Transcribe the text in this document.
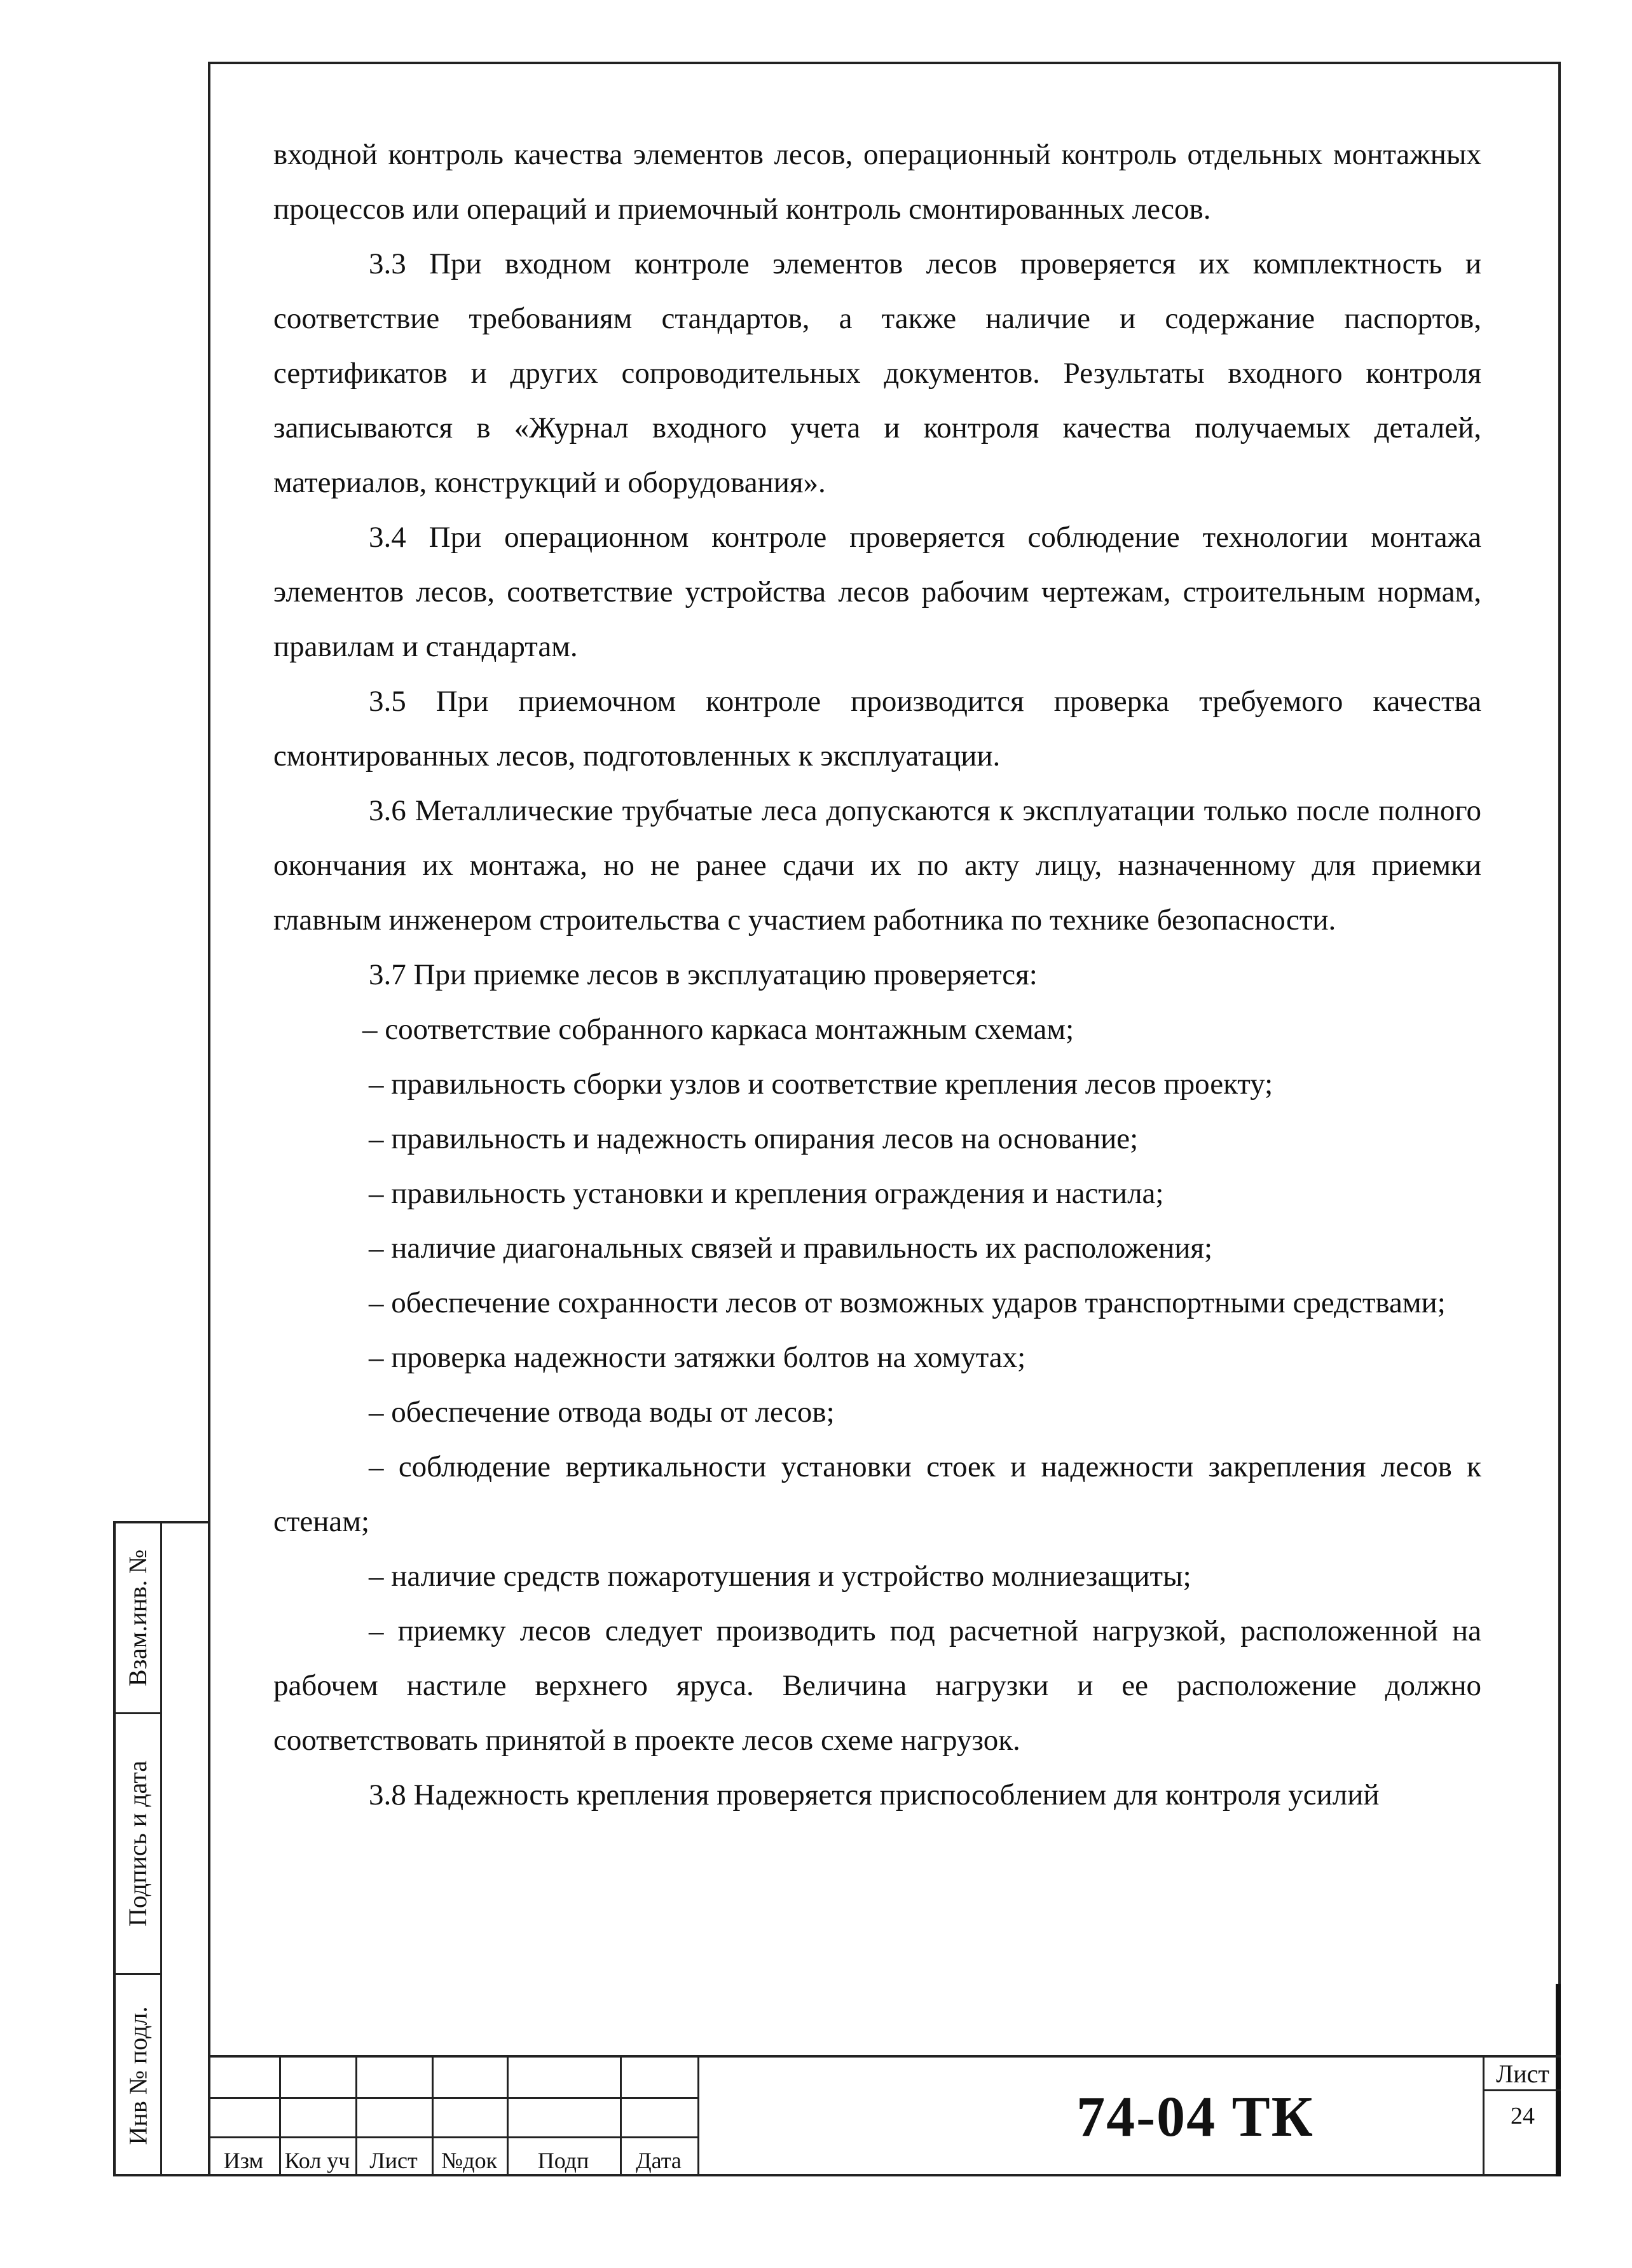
входной контроль качества элементов лесов, операционный контроль отдельных монтажных процессов или операций и приемочный контроль смонтированных лесов.

3.3 При входном контроле элементов лесов проверяется их комплектность и соответствие требованиям стандартов, а также наличие и содержание паспортов, сертификатов и других сопроводительных документов. Результаты входного контроля записываются в «Журнал входного учета и контроля качества получаемых деталей, материалов, конструкций и оборудования».

3.4 При операционном контроле проверяется соблюдение технологии монтажа элементов лесов, соответствие устройства лесов рабочим чертежам, строительным нормам, правилам и стандартам.

3.5 При приемочном контроле производится проверка требуемого качества смонтированных лесов, подготовленных к эксплуатации.

3.6 Металлические трубчатые леса допускаются к эксплуатации только после полного окончания их монтажа, но не ранее сдачи их по акту лицу, назначенному для приемки главным инженером строительства с участием работника по технике безопасности.

3.7 При приемке лесов в эксплуатацию проверяется:

– соответствие собранного каркаса монтажным схемам;

– правильность сборки узлов и соответствие крепления лесов проекту;

– правильность и надежность опирания лесов на основание;

– правильность установки и крепления ограждения и настила;

– наличие диагональных связей и правильность их расположения;

– обеспечение сохранности лесов от возможных ударов транспортными средствами;

– проверка надежности затяжки болтов на хомутах;

– обеспечение отвода воды от лесов;

– соблюдение вертикальности установки стоек и надежности закрепления лесов к стенам;

– наличие средств пожаротушения и устройство молниезащиты;

– приемку лесов следует производить под расчетной нагрузкой, расположенной на рабочем настиле верхнего яруса. Величина нагрузки и ее расположение должно соответствовать принятой в проекте лесов схеме нагрузок.

3.8 Надежность крепления проверяется приспособлением для контроля усилий

Взам.инв. №
Подпись и дата
Инв № подл.
Изм Кол уч Лист	№док	Подп	Дата
74-04 ТК
Лист
24
